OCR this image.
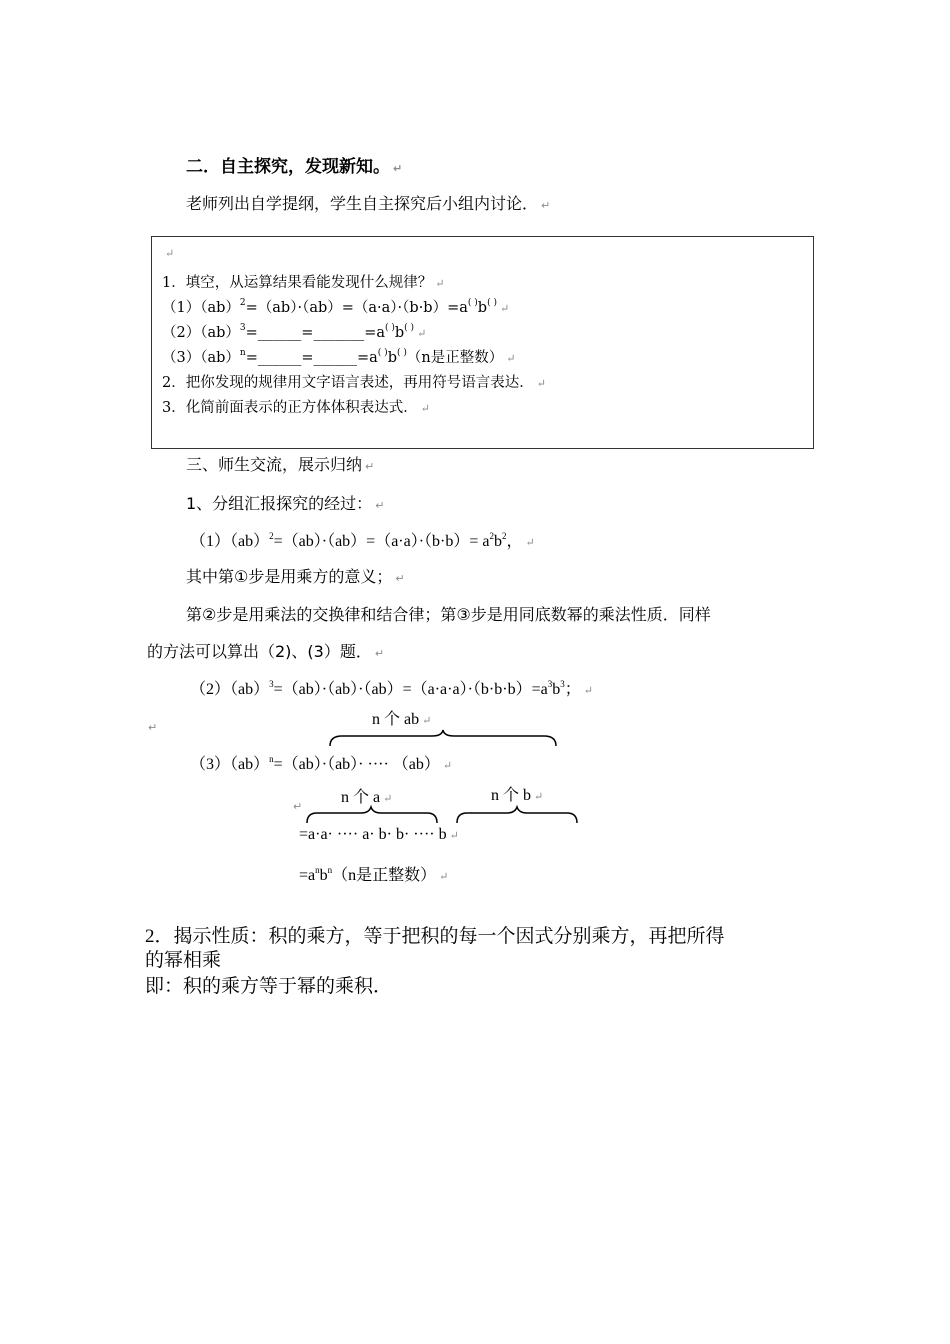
二．自主探究，发现新知。 ↵
老师列出自学提纲，学生自主探究后小组内讨论． ↵
↵
1．填空，从运算结果看能发现什么规律？ ↵
（1）（ab）$^2$=（ab）·（ab）=（a·a）·（b·b）=a( )b( ) ↵
（2）（ab）$^3$=______=_______=a( )b( ) ↵
（3）（ab）$^n$=______=______=a( )b( )（n是正整数） ↵
2．把你发现的规律用文字语言表述，再用符号语言表达． ↵
3．化简前面表示的正方体体积表达式． ↵
三、师生交流，展示归纳 ↵
1、分组汇报探究的经过： ↵
$(1)(ab)^2=(ab)\cdot(ab)=(a\cdot a)\cdot(b\cdot b)= a^2b^2$， ↵
其中第①步是用乘方的意义； ↵
第②步是用乘法的交换律和结合律；第③步是用同底数幂的乘法性质．同样
的方法可以算出（2)、(3）题． ↵
$(2)(ab)^3=(ab)\cdot(ab)\cdot(ab)=(a\cdot a\cdot a)\cdot(b\cdot b\cdot b)=a^3b^3$； ↵
↵	n 个 ab ↵
（3）（ab）$^n$=（ab）·（ab）· ···· （ab） ↵
↵
n 个 a ↵	n 个 b ↵
=a·a· ···· a· b· b· ···· b ↵
$=a^nb^n(n$是正整数） ↵
2．揭示性质：积的乘方，等于把积的每一个因式分别乘方，再把所得
的幂相乘
即：积的乘方等于幂的乘积．
